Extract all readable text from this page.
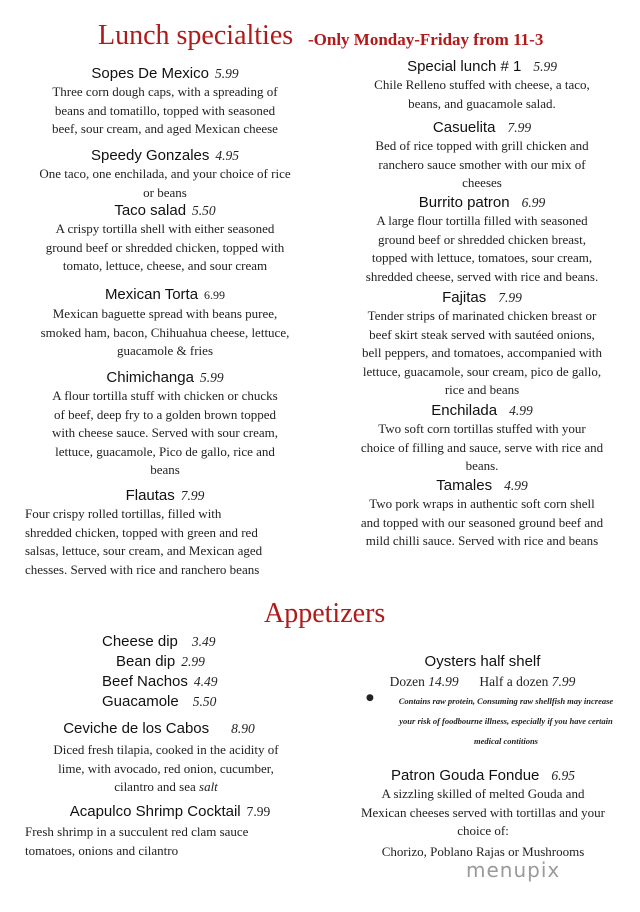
Lunch specialties -Only Monday-Friday from 11-3
Sopes De Mexico 5.99
Three corn dough caps, with a spreading of
beans and tomatillo, topped with seasoned
beef, sour cream, and aged Mexican cheese
Speedy Gonzales 4.95
One taco, one enchilada, and your choice of rice
or beans
Taco salad 5.50
A crispy tortilla shell with either seasoned
ground beef or shredded chicken, topped with
tomato, lettuce, cheese, and sour cream
Mexican Torta 6.99
Mexican baguette spread with beans puree,
smoked ham, bacon, Chihuahua cheese, lettuce,
guacamole & fries
Chimichanga 5.99
A flour tortilla stuff with chicken or chucks
of beef, deep fry to a golden brown topped
with cheese sauce. Served with sour cream,
lettuce, guacamole, Pico de gallo, rice and
beans
Flautas 7.99
Four crispy rolled tortillas, filled with
shredded chicken, topped with green and red
salsas, lettuce, sour cream, and Mexican aged
chesses. Served with rice and ranchero beans
Special lunch # 1 5.99
Chile Relleno stuffed with cheese, a taco,
beans, and guacamole salad.
Casuelita 7.99
Bed of rice topped with grill chicken and
ranchero sauce smother with our mix of
cheeses
Burrito patron 6.99
A large flour tortilla filled with seasoned
ground beef or shredded chicken breast,
topped with lettuce, tomatoes, sour cream,
shredded cheese, served with rice and beans.
Fajitas 7.99
Tender strips of marinated chicken breast or
beef skirt steak served with sautéed onions,
bell peppers, and tomatoes, accompanied with
lettuce, guacamole, sour cream, pico de gallo,
rice and beans
Enchilada 4.99
Two soft corn tortillas stuffed with your
choice of filling and sauce, serve with rice and
beans.
Tamales 4.99
Two pork wraps in authentic soft corn shell
and topped with our seasoned ground beef and
mild chilli sauce. Served with rice and beans
Appetizers
Cheese dip 3.49
Bean dip 2.99
Beef Nachos 4.49
Guacamole 5.50
Ceviche de los Cabos 8.90
Diced fresh tilapia, cooked in the acidity of
lime, with avocado, red onion, cucumber,
cilantro and sea salt
Acapulco Shrimp Cocktail 7.99
Fresh shrimp in a succulent red clam sauce
tomatoes, onions and cilantro
Oysters half shelf
Dozen 14.99 Half a dozen 7.99
●	Contains raw protein, Consuming raw shellfish may increase
your risk of foodbourne illness, especially if you have certain
medical contitions
Patron Gouda Fondue 6.95
A sizzling skilled of melted Gouda and
Mexican cheeses served with tortillas and your
choice of:
Chorizo, Poblano Rajas or Mushrooms
menupix
